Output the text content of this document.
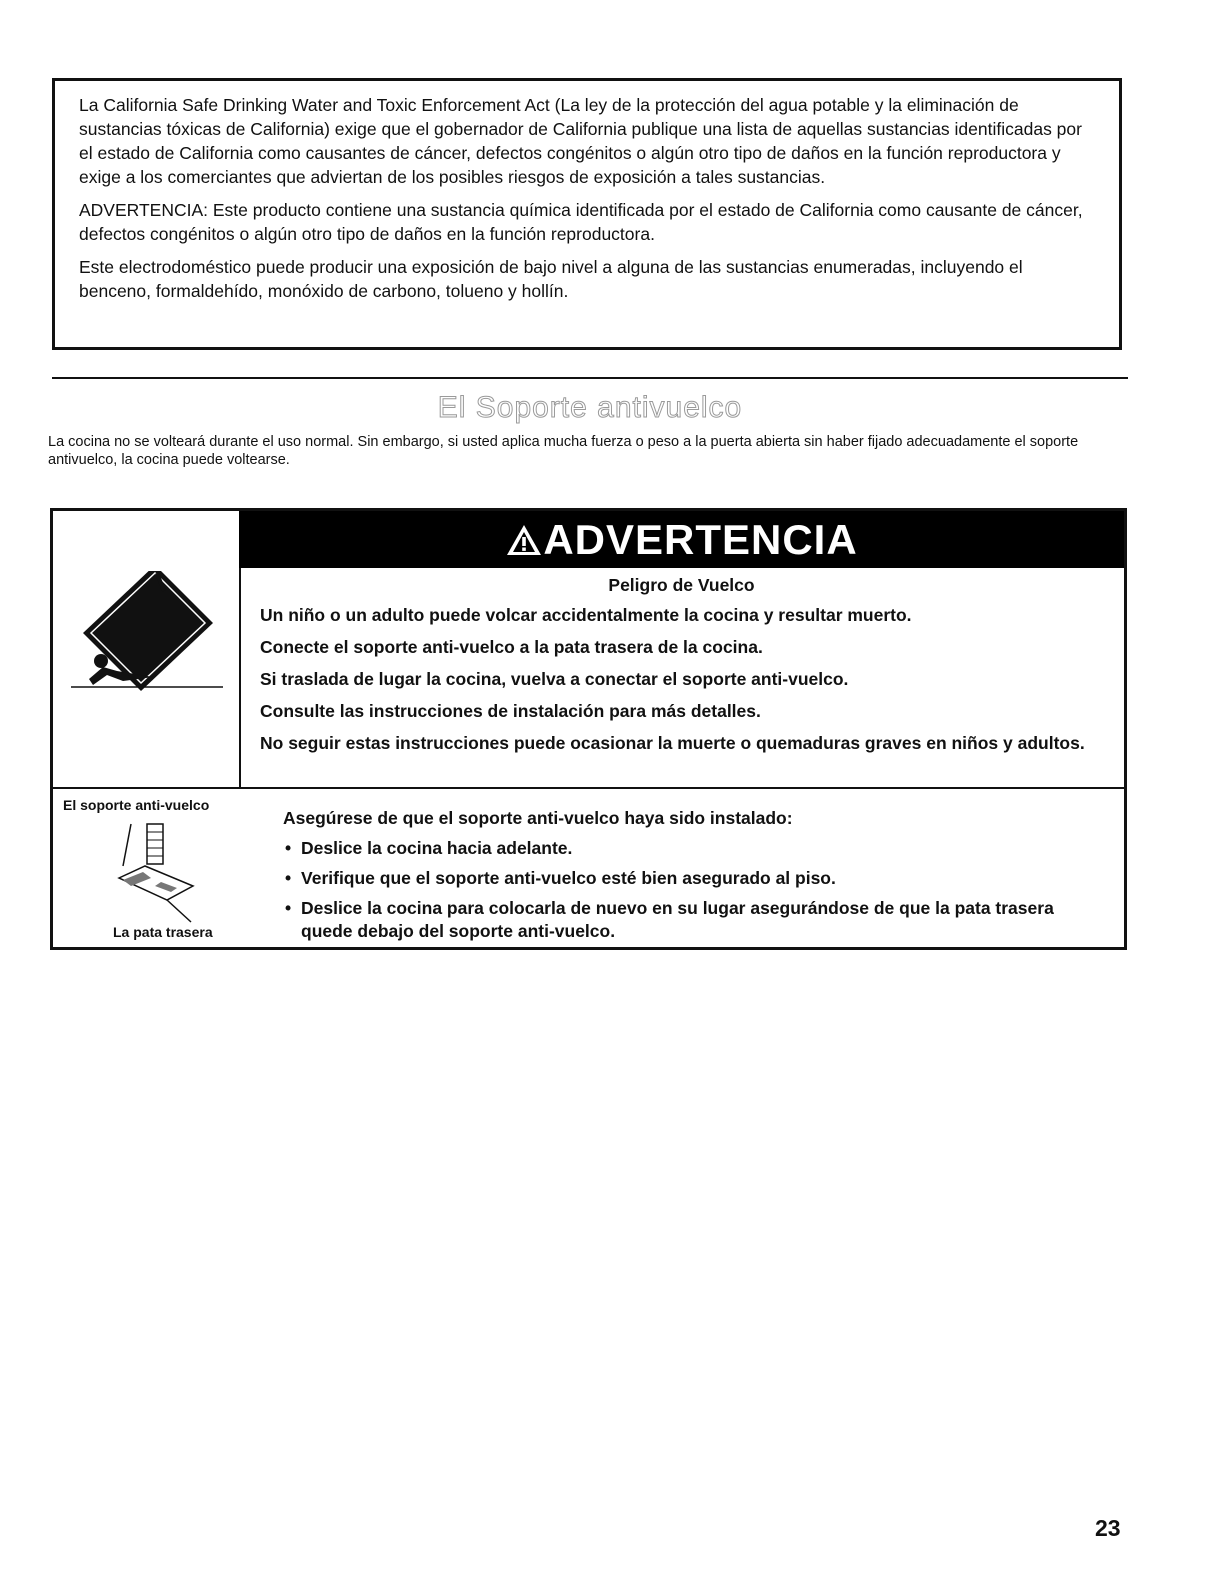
La California Safe Drinking Water and Toxic Enforcement Act (La ley de la protección del agua potable y la eliminación de sustancias tóxicas de California) exige que el gobernador de California publique una lista de aquellas sustancias identificadas por el estado de California como causantes de cáncer, defectos congénitos o algún otro tipo de daños en la función reproductora y exige a los comerciantes que adviertan de los posibles riesgos de exposición a tales sustancias.

ADVERTENCIA: Este producto contiene una sustancia química identificada por el estado de California como causante de cáncer, defectos congénitos o algún otro tipo de daños en la función reproductora.

Este electrodoméstico puede producir una exposición de bajo nivel a alguna de las sustancias enumeradas, incluyendo el benceno, formaldehído, monóxido de carbono, tolueno y hollín.

El Soporte antivuelco
La cocina no se volteará durante el uso normal. Sin embargo, si usted aplica mucha fuerza o peso a la puerta abierta sin haber fijado adecuadamente el soporte antivuelco, la cocina puede voltearse.
ADVERTENCIA
Peligro de Vuelco
Un niño o un adulto puede volcar accidentalmente la cocina y resultar muerto.
Conecte el soporte anti-vuelco a la pata trasera de la cocina.
Si traslada de lugar la cocina, vuelva a conectar el soporte anti-vuelco.
Consulte las instrucciones de instalación para más detalles.
No seguir estas instrucciones puede ocasionar la muerte o quemaduras graves en niños y adultos.
El soporte anti-vuelco
La pata trasera
Asegúrese de que el soporte anti-vuelco haya sido instalado:
• Deslice la cocina hacia adelante.
• Verifique que el soporte anti-vuelco esté bien asegurado al piso.
• Deslice la cocina para colocarla de nuevo en su lugar asegurándose de que la pata trasera quede debajo del soporte anti-vuelco.
23
